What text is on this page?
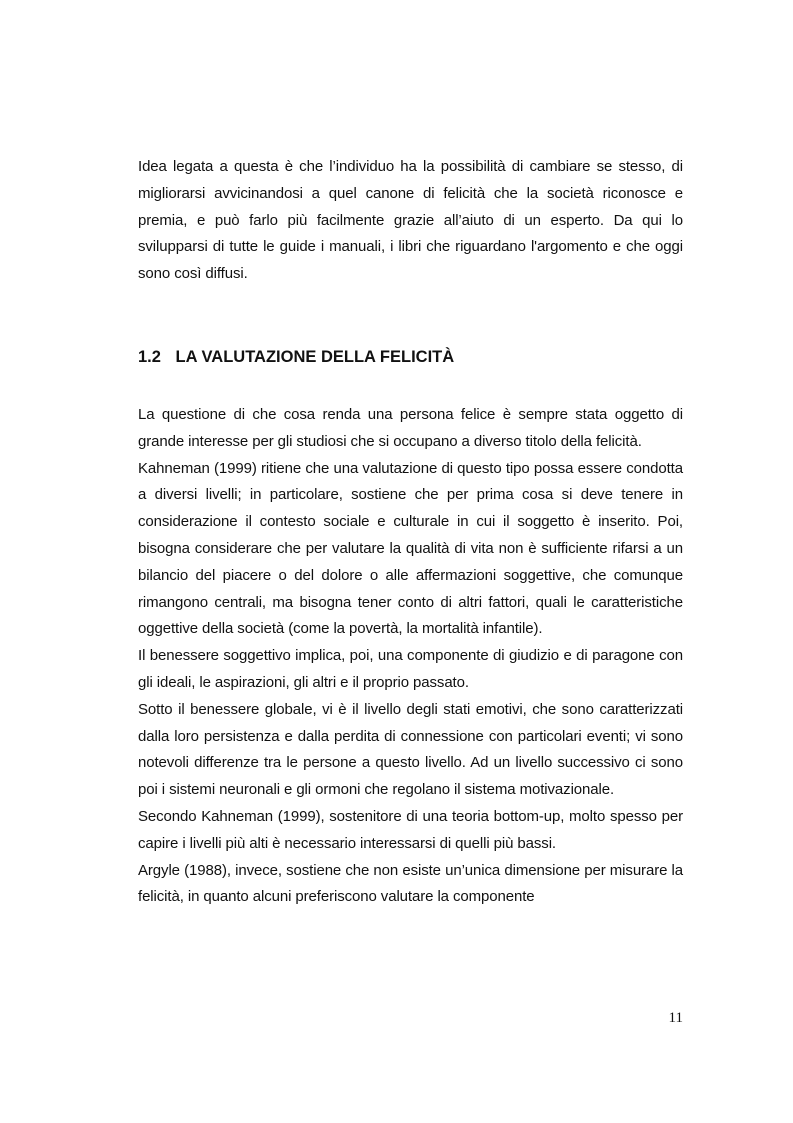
Idea legata a questa è che l’individuo ha la possibilità di cambiare se stesso, di migliorarsi avvicinandosi a quel canone di felicità che la società riconosce e premia, e può farlo più facilmente grazie all’aiuto di un esperto. Da qui lo svilupparsi di tutte le guide i manuali, i libri che riguardano l'argomento e che oggi sono così diffusi.

1.2 LA VALUTAZIONE DELLA FELICITÀ

La questione di che cosa renda una persona felice è sempre stata oggetto di grande interesse per gli studiosi che si occupano a diverso titolo della felicità.

Kahneman (1999) ritiene che una valutazione di questo tipo possa essere condotta a diversi livelli; in particolare, sostiene che per prima cosa si deve tenere in considerazione il contesto sociale e culturale in cui il soggetto è inserito. Poi, bisogna considerare che per valutare la qualità di vita non è sufficiente rifarsi a un bilancio del piacere o del dolore o alle affermazioni soggettive, che comunque rimangono centrali, ma bisogna tener conto di altri fattori, quali le caratteristiche oggettive della società (come la povertà, la mortalità infantile).

Il benessere soggettivo implica, poi, una componente di giudizio e di paragone con gli ideali, le aspirazioni, gli altri e il proprio passato.

Sotto il benessere globale, vi è il livello degli stati emotivi, che sono caratterizzati dalla loro persistenza e dalla perdita di connessione con particolari eventi; vi sono notevoli differenze tra le persone a questo livello. Ad un livello successivo ci sono poi i sistemi neuronali e gli ormoni che regolano il sistema motivazionale.

Secondo Kahneman (1999), sostenitore di una teoria bottom-up, molto spesso per capire i livelli più alti è necessario interessarsi di quelli più bassi.

Argyle (1988), invece, sostiene che non esiste un’unica dimensione per misurare la felicità, in quanto alcuni preferiscono valutare la componente

11
